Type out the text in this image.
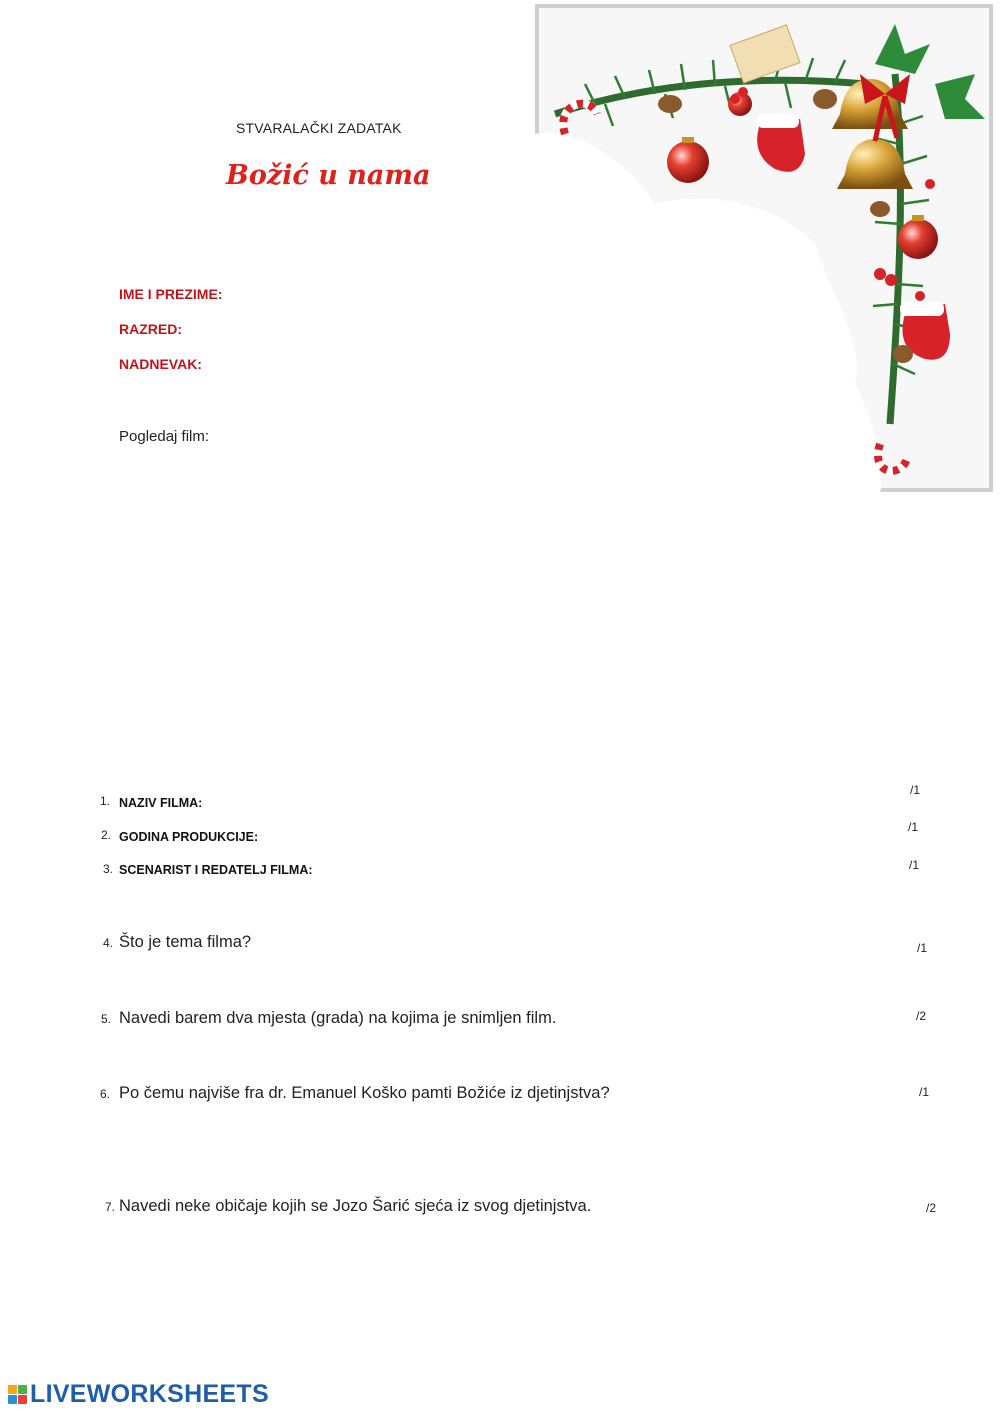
STVARALAČKI ZADATAK
Božić u nama
IME I PREZIME:
RAZRED:
NADNEVAK:
Pogledaj film:
1. NAZIV FILMA:
/1
2. GODINA PRODUKCIJE:
/1
3. SCENARIST I REDATELJ FILMA:	/1
4. Što je tema filma?	/1
5. Navedi barem dva mjesta (grada) na kojima je snimljen film.	/2
6. Po čemu najviše fra dr. Emanuel Koško pamti Božiće iz djetinjstva?	/1
7. Navedi neke običaje kojih se Jozo Šarić sjeća iz svog djetinjstva.	/2
LIVEWORKSHEETS
